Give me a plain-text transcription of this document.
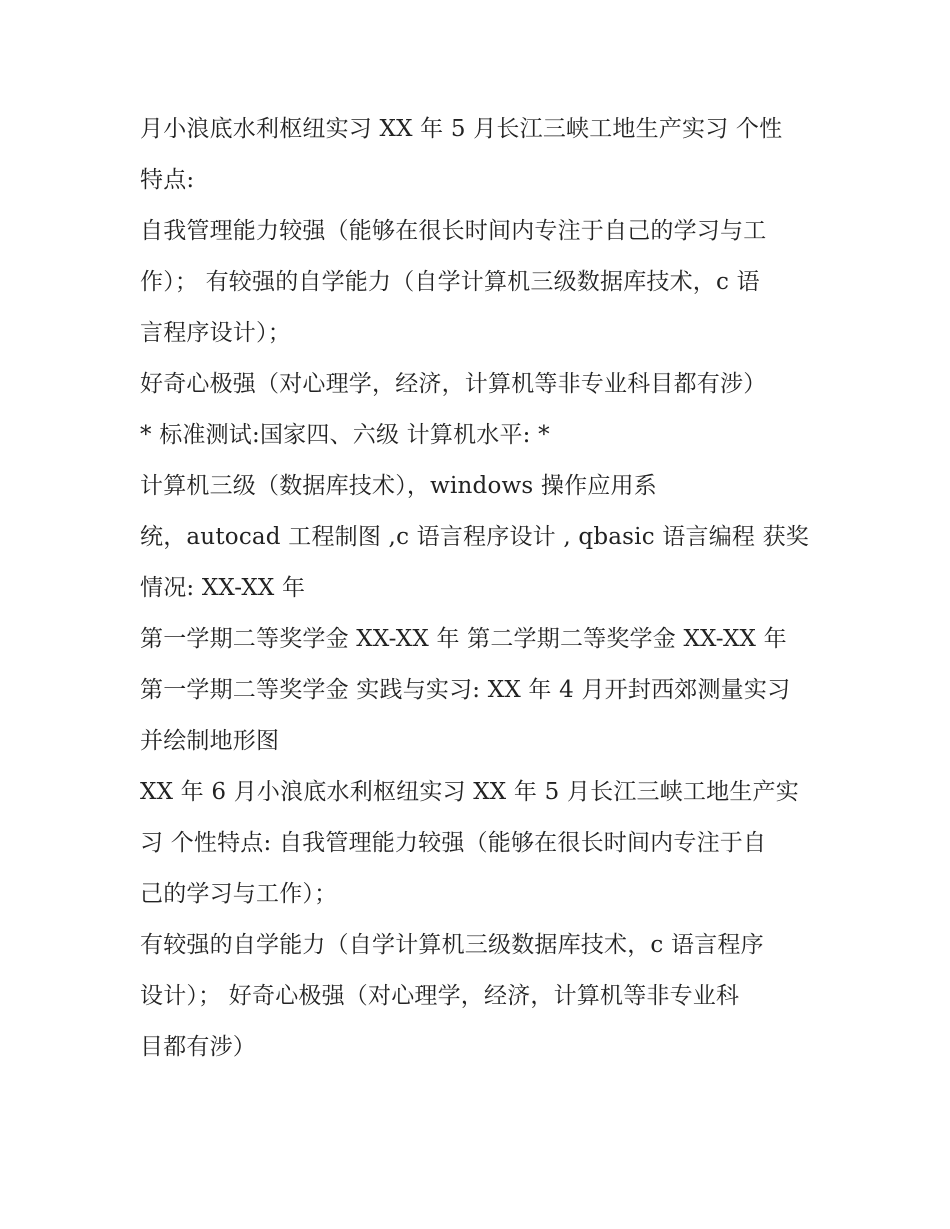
月小浪底水利枢纽实习 XX 年 5 月长江三峡工地生产实习 个性
特点:
自我管理能力较强（能够在很长时间内专注于自己的学习与工
作）； 有较强的自学能力（自学计算机三级数据库技术，c 语
言程序设计）；
好奇心极强（对心理学，经济，计算机等非专业科目都有涉）
* 标准测试:国家四、六级 计算机水平: *
计算机三级（数据库技术），windows 操作应用系
统，autocad 工程制图 ,c 语言程序设计 , qbasic 语言编程 获奖
情况: XX-XX 年
第一学期二等奖学金 XX-XX 年 第二学期二等奖学金 XX-XX 年
第一学期二等奖学金 实践与实习: XX 年 4 月开封西郊测量实习
并绘制地形图
XX 年 6 月小浪底水利枢纽实习 XX 年 5 月长江三峡工地生产实
习 个性特点: 自我管理能力较强（能够在很长时间内专注于自
己的学习与工作）；
有较强的自学能力（自学计算机三级数据库技术，c 语言程序
设计）； 好奇心极强（对心理学，经济，计算机等非专业科
目都有涉）
